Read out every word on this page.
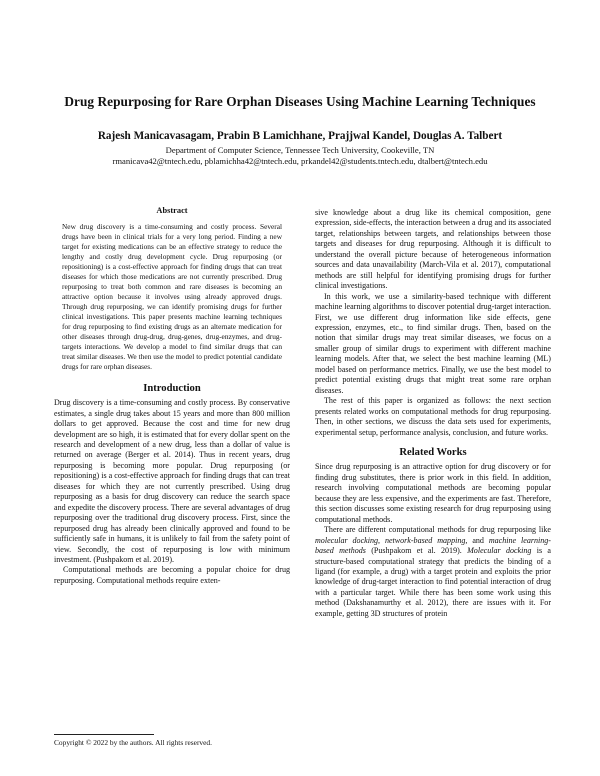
Drug Repurposing for Rare Orphan Diseases Using Machine Learning Techniques
Rajesh Manicavasagam, Prabin B Lamichhane, Prajjwal Kandel, Douglas A. Talbert
Department of Computer Science, Tennessee Tech University, Cookeville, TN
rmanicava42@tntech.edu, pblamichha42@tntech.edu, prkandel42@students.tntech.edu, dtalbert@tntech.edu
Abstract

New drug discovery is a time-consuming and costly process. Several drugs have been in clinical trials for a very long period. Finding a new target for existing medications can be an effective strategy to reduce the lengthy and costly drug development cycle. Drug repurposing (or repositioning) is a cost-effective approach for finding drugs that can treat diseases for which those medications are not currently prescribed. Drug repurposing to treat both common and rare diseases is becoming an attractive option because it involves using already approved drugs. Through drug repurposing, we can identify promising drugs for further clinical investigations. This paper presents machine learning techniques for drug repurposing to find existing drugs as an alternate medication for other diseases through drug-drug, drug-genes, drug-enzymes, and drug-targets interactions. We develop a model to find similar drugs that can treat similar diseases. We then use the model to predict potential candidate drugs for rare orphan diseases.

Introduction

Drug discovery is a time-consuming and costly process. By conservative estimates, a single drug takes about 15 years and more than 800 million dollars to get approved. Because the cost and time for new drug development are so high, it is estimated that for every dollar spent on the research and development of a new drug, less than a dollar of value is returned on average (Berger et al. 2014). Thus in recent years, drug repurposing is becoming more popular. Drug repurposing (or repositioning) is a cost-effective approach for finding drugs that can treat diseases for which they are not currently prescribed. Using drug repurposing as a basis for drug discovery can reduce the search space and expedite the discovery process. There are several advantages of drug repurposing over the traditional drug discovery process. First, since the repurposed drug has already been clinically approved and found to be sufficiently safe in humans, it is unlikely to fail from the safety point of view. Secondly, the cost of repurposing is low with minimum investment. (Pushpakom et al. 2019).

Computational methods are becoming a popular choice for drug repurposing. Computational methods require exten-

sive knowledge about a drug like its chemical composition, gene expression, side-effects, the interaction between a drug and its associated target, relationships between targets, and relationships between those targets and diseases for drug repurposing. Although it is difficult to understand the overall picture because of heterogeneous information sources and data unavailability (March-Vila et al. 2017), computational methods are still helpful for identifying promising drugs for further clinical investigations.

In this work, we use a similarity-based technique with different machine learning algorithms to discover potential drug-target interaction. First, we use different drug information like side effects, gene expression, enzymes, etc., to find similar drugs. Then, based on the notion that similar drugs may treat similar diseases, we focus on a smaller group of similar drugs to experiment with different machine learning models. After that, we select the best machine learning (ML) model based on performance metrics. Finally, we use the best model to predict potential existing drugs that might treat some rare orphan diseases.

The rest of this paper is organized as follows: the next section presents related works on computational methods for drug repurposing. Then, in other sections, we discuss the data sets used for experiments, experimental setup, performance analysis, conclusion, and future works.

Related Works

Since drug repurposing is an attractive option for drug discovery or for finding drug substitutes, there is prior work in this field. In addition, research involving computational methods are becoming popular because they are less expensive, and the experiments are fast. Therefore, this section discusses some existing research for drug repurposing using computational methods.

There are different computational methods for drug repurposing like molecular docking, network-based mapping, and machine learning-based methods (Pushpakom et al. 2019). Molecular docking is a structure-based computational strategy that predicts the binding of a ligand (for example, a drug) with a target protein and exploits the prior knowledge of drug-target interaction to find potential interaction of drug with a particular target. While there has been some work using this method (Dakshanamurthy et al. 2012), there are issues with it. For example, getting 3D structures of protein

Copyright © 2022 by the authors. All rights reserved.
